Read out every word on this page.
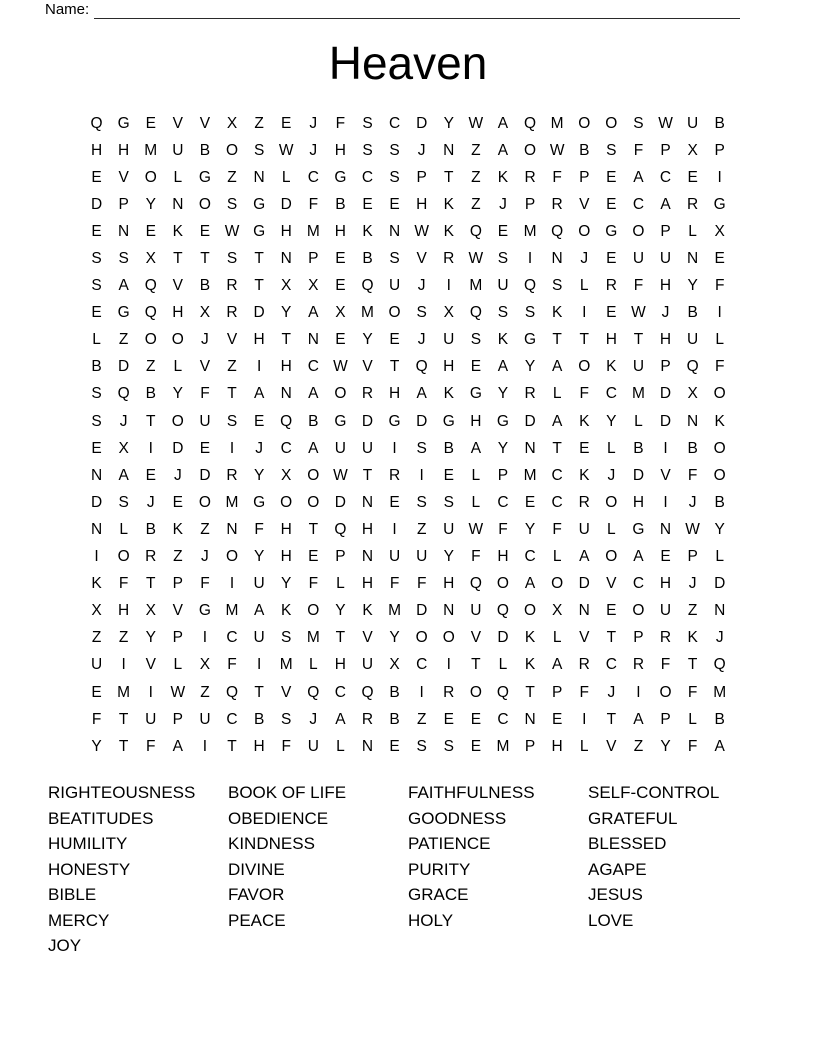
Name:
Heaven
Q G	E	V	V	X	Z	E	J	F	S	C	D	Y W A	Q M O O	S W U	B
H	H M U	B	O	S W	J	H	S	S	J	N	Z	A	O W B	S	F	P	X	P
E	V	O	L	G	Z	N	L	C G C	S	P	T	Z	K	R	F	P	E	A	C	E	I
D	P	Y	N O	S	G D	F	B	E	E	H	K	Z	J	P	R	V	E	C	A	R G
E	N	E	K	E W G H M H	K	N W K	Q	E M Q O G O	P	L	X
S	S	X	T	T	S	T	N	P	E	B	S	V	R W S	I	N	J	E	U	U	N	E
S	A	Q	V	B	R	T	X	X	E	Q U	J	I	M U Q	S	L	R	F	H	Y	F
E	G Q H	X	R	D	Y	A	X M O	S	X	Q	S	S	K	I	E W	J	B	I
L	Z	O O	J	V	H	T	N	E	Y	E	J	U	S	K	G	T	T	H	T	H	U	L
B	D	Z	L	V	Z	I	H	C W V	T	Q H	E	A	Y	A	O	K	U	P	Q	F
S	Q	B	Y	F	T	A	N	A	O R	H	A	K	G	Y	R	L	F	C M D	X	O
S	J	T	O U	S	E	Q	B	G D G D G H G D	A	K	Y	L	D	N	K
E	X	I	D	E	I	J	C	A	U	U	I	S	B	A	Y	N	T	E	L	B	I	B	O
N	A	E	J	D	R	Y	X	O W T	R	I	E	L	P M C	K	J	D	V	F	O
D	S	J	E	O M G O O D	N	E	S	S	L	C	E	C	R O H	I	J	B
N	L	B	K	Z	N	F	H	T	Q H	I	Z	U W F	Y	F	U	L	G N W Y
I	O R	Z	J	O	Y	H	E	P	N	U	U	Y	F	H	C	L	A	O	A	E	P	L
K	F	T	P	F	I	U	Y	F	L	H	F	F	H Q O	A	O D	V	C	H	J	D
X	H	X	V	G M A	K	O	Y	K M D	N	U Q O	X	N	E	O U	Z	N
Z	Z	Y	P	I	C	U	S M	T	V	Y	O O	V	D	K	L	V	T	P	R	K	J
U	I	V	L	X	F	I	M	L	H	U	X	C	I	T	L	K	A	R	C	R	F	T	Q
E M	I	W Z	Q	T	V	Q C Q	B	I	R O Q	T	P	F	J	I	O	F	M
F	T	U	P	U	C	B	S	J	A	R	B	Z	E	E	C	N	E	I	T	A	P	L	B
Y	T	F	A	I	T	H	F	U	L	N	E	S	S	E M P	H	L	V	Z	Y	F	A
RIGHTEOUSNESS
BEATITUDES
HUMILITY
HONESTY
BIBLE
MERCY
JOY
BOOK OF LIFE
OBEDIENCE
KINDNESS
DIVINE
FAVOR
PEACE
FAITHFULNESS
GOODNESS
PATIENCE
PURITY
GRACE
HOLY
SELF-CONTROL
GRATEFUL
BLESSED
AGAPE
JESUS
LOVE
